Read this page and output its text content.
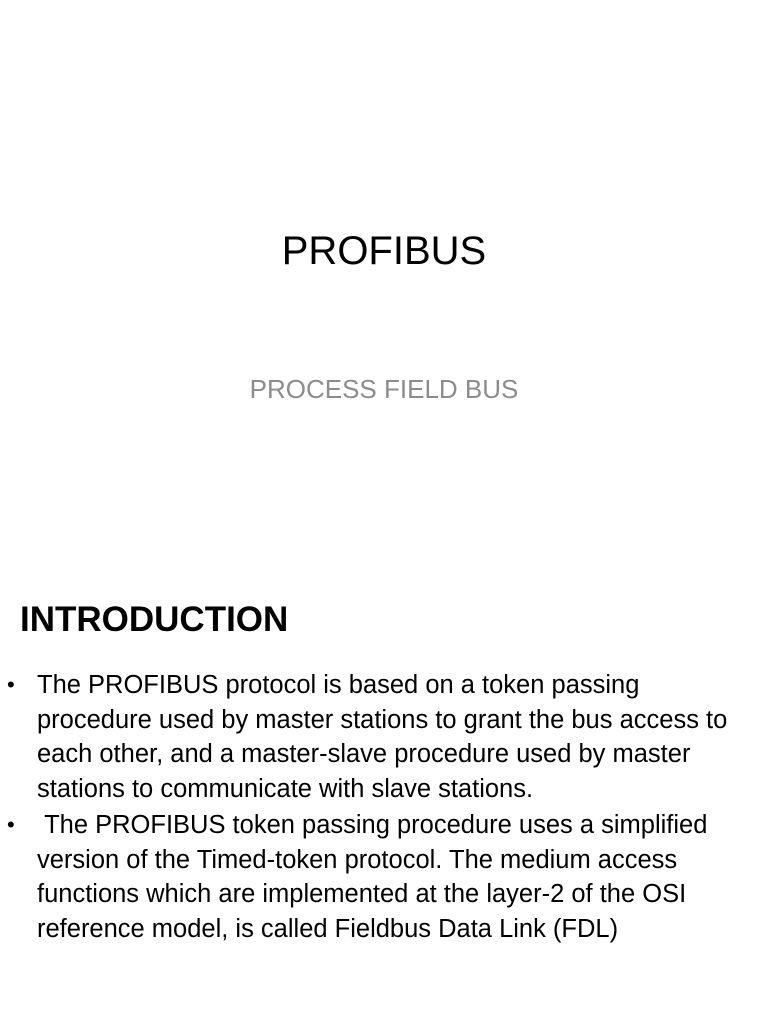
PROFIBUS
PROCESS FIELD BUS
INTRODUCTION
• The PROFIBUS protocol is based on a token passing procedure used by master stations to grant the bus access to each other, and a master-slave procedure used by master stations to communicate with slave stations.
• The PROFIBUS token passing procedure uses a simplified version of the Timed-token protocol. The medium access functions which are implemented at the layer-2 of the OSI reference model, is called Fieldbus Data Link (FDL)
